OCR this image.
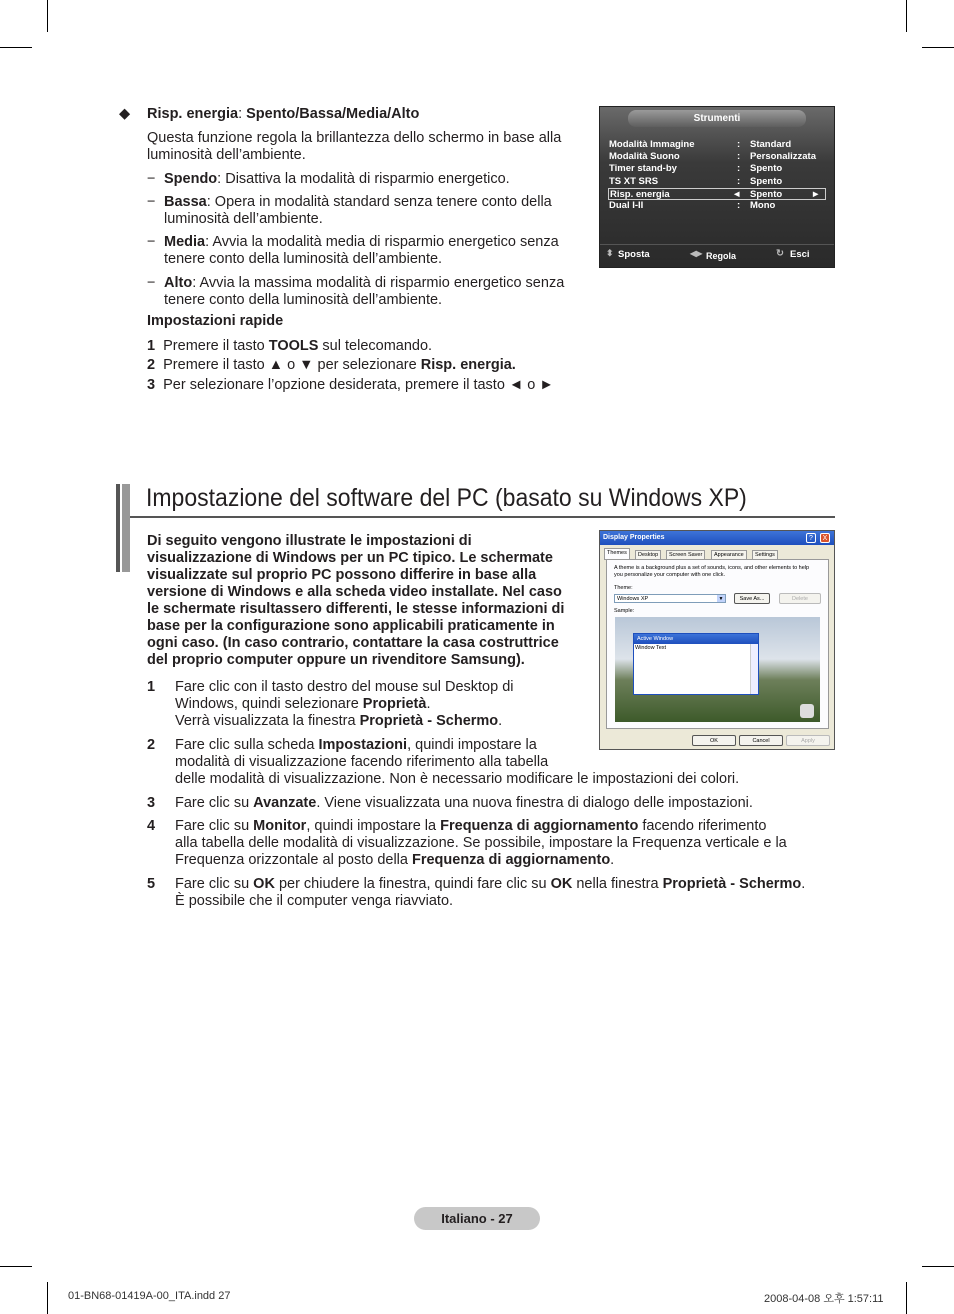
◆ Risp. energia: Spento/Bassa/Media/Alto
Questa funzione regola la brillantezza dello schermo in base alla luminosità dell’ambiente.
− Spendo: Disattiva la modalità di risparmio energetico.
− Bassa: Opera in modalità standard senza tenere conto della luminosità dell’ambiente.
− Media: Avvia la modalità media di risparmio energetico senza tenere conto della luminosità dell’ambiente.
− Alto: Avvia la massima modalità di risparmio energetico senza tenere conto della luminosità dell’ambiente.
Impostazioni rapide
1 Premere il tasto TOOLS sul telecomando.
2 Premere il tasto ▲ o ▼ per selezionare Risp. energia.
3 Per selezionare l’opzione desiderata, premere il tasto ◄ o ►
Strumenti
Modalità Immagine	: Standard
Modalità Suono	: Personalizzata
Timer stand-by	: Spento
TS XT SRS	: Spento
Risp. energia	◄ Spento	►
Dual I-II	: Mono
⬍ Sposta	◀▶ Regola	↻ Esci
Impostazione del software del PC (basato su Windows XP)
Di seguito vengono illustrate le impostazioni di visualizzazione di Windows per un PC tipico. Le schermate visualizzate sul proprio PC possono differire in base alla versione di Windows e alla scheda video installate. Nel caso le schermate risultassero differenti, le stesse informazioni di base per la configurazione sono applicabili praticamente in ogni caso. (In caso contrario, contattare la casa costruttrice del proprio computer oppure un rivenditore Samsung).
Display Properties	?	X
Themes	Desktop	Screen Saver	Appearance	Settings
A theme is a background plus a set of sounds, icons, and other elements to help you personalize your computer with one click.
Theme:
Windows XP	▼	Save As...	Delete
Sample:
Active Window
Window Text
OK	Cancel	Apply
1 Fare clic con il tasto destro del mouse sul Desktop di
Windows, quindi selezionare Proprietà.
Verrà visualizzata la finestra Proprietà - Schermo.
2 Fare clic sulla scheda Impostazioni, quindi impostare la
modalità di visualizzazione facendo riferimento alla tabella
delle modalità di visualizzazione. Non è necessario modificare le impostazioni dei colori.
3 Fare clic su Avanzate. Viene visualizzata una nuova finestra di dialogo delle impostazioni.
4 Fare clic su Monitor, quindi impostare la Frequenza di aggiornamento facendo riferimento
alla tabella delle modalità di visualizzazione. Se possibile, impostare la Frequenza verticale e la
Frequenza orizzontale al posto della Frequenza di aggiornamento.
5 Fare clic su OK per chiudere la finestra, quindi fare clic su OK nella finestra Proprietà - Schermo.
È possibile che il computer venga riavviato.
Italiano - 27
01-BN68-01419A-00_ITA.indd 27	2008-04-08 오후 1:57:11
